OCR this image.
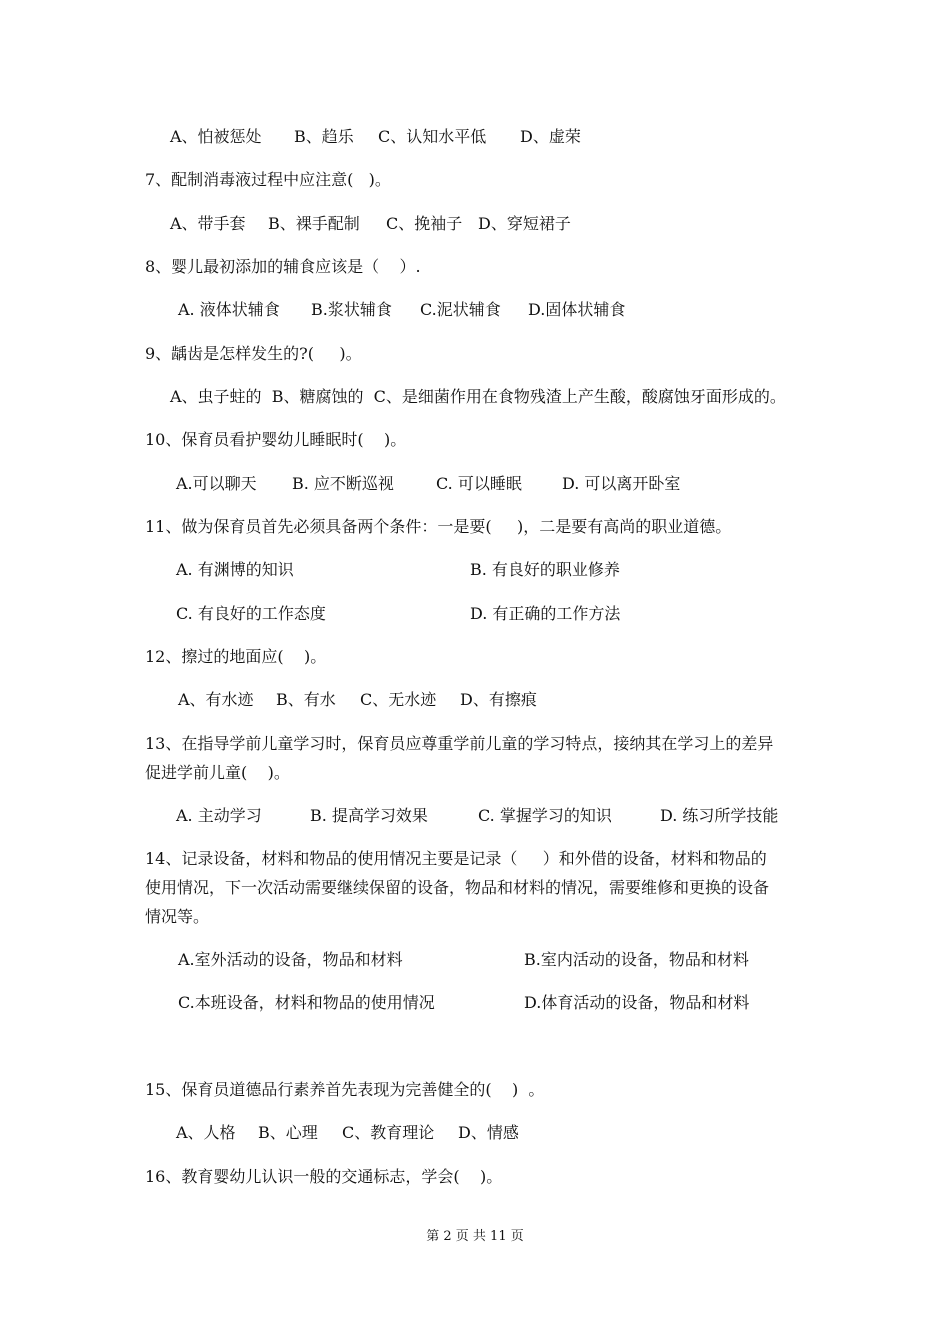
A、怕被惩处 B、趋乐 C、认知水平低 D、虚荣
7、配制消毒液过程中应注意(   )。
A、带手套 B、裸手配制 C、挽袖子 D、穿短裙子
8、婴儿最初添加的辅食应该是（    ）.
A. 液体状辅食 B.浆状辅食 C.泥状辅食 D.固体状辅食
9、龋齿是怎样发生的?(     )。
A、虫子蛀的  B、糖腐蚀的  C、是细菌作用在食物残渣上产生酸，酸腐蚀牙面形成的。
10、保育员看护婴幼儿睡眠时(    )。
A.可以聊天 B. 应不断巡视	C. 可以睡眠	D. 可以离开卧室
11、做为保育员首先必须具备两个条件：一是要(     )，二是要有高尚的职业道德。
A. 有渊博的知识	B. 有良好的职业修养
C. 有良好的工作态度	D. 有正确的工作方法
12、擦过的地面应(    )。
A、有水迹 B、有水 C、无水迹 D、有擦痕
13、在指导学前儿童学习时，保育员应尊重学前儿童的学习特点，接纳其在学习上的差异
促进学前儿童(    )。
A. 主动学习	B. 提高学习效果	C. 掌握学习的知识	D. 练习所学技能
14、记录设备，材料和物品的使用情况主要是记录（     ）和外借的设备，材料和物品的
使用情况，下一次活动需要继续保留的设备，物品和材料的情况，需要维修和更换的设备
情况等。
A.室外活动的设备，物品和材料	B.室内活动的设备，物品和材料
C.本班设备，材料和物品的使用情况	D.体育活动的设备，物品和材料
15、保育员道德品行素养首先表现为完善健全的(    )  。
A、人格 B、心理 C、教育理论 D、情感
16、教育婴幼儿认识一般的交通标志，学会(    )。
第 2 页 共 11 页
